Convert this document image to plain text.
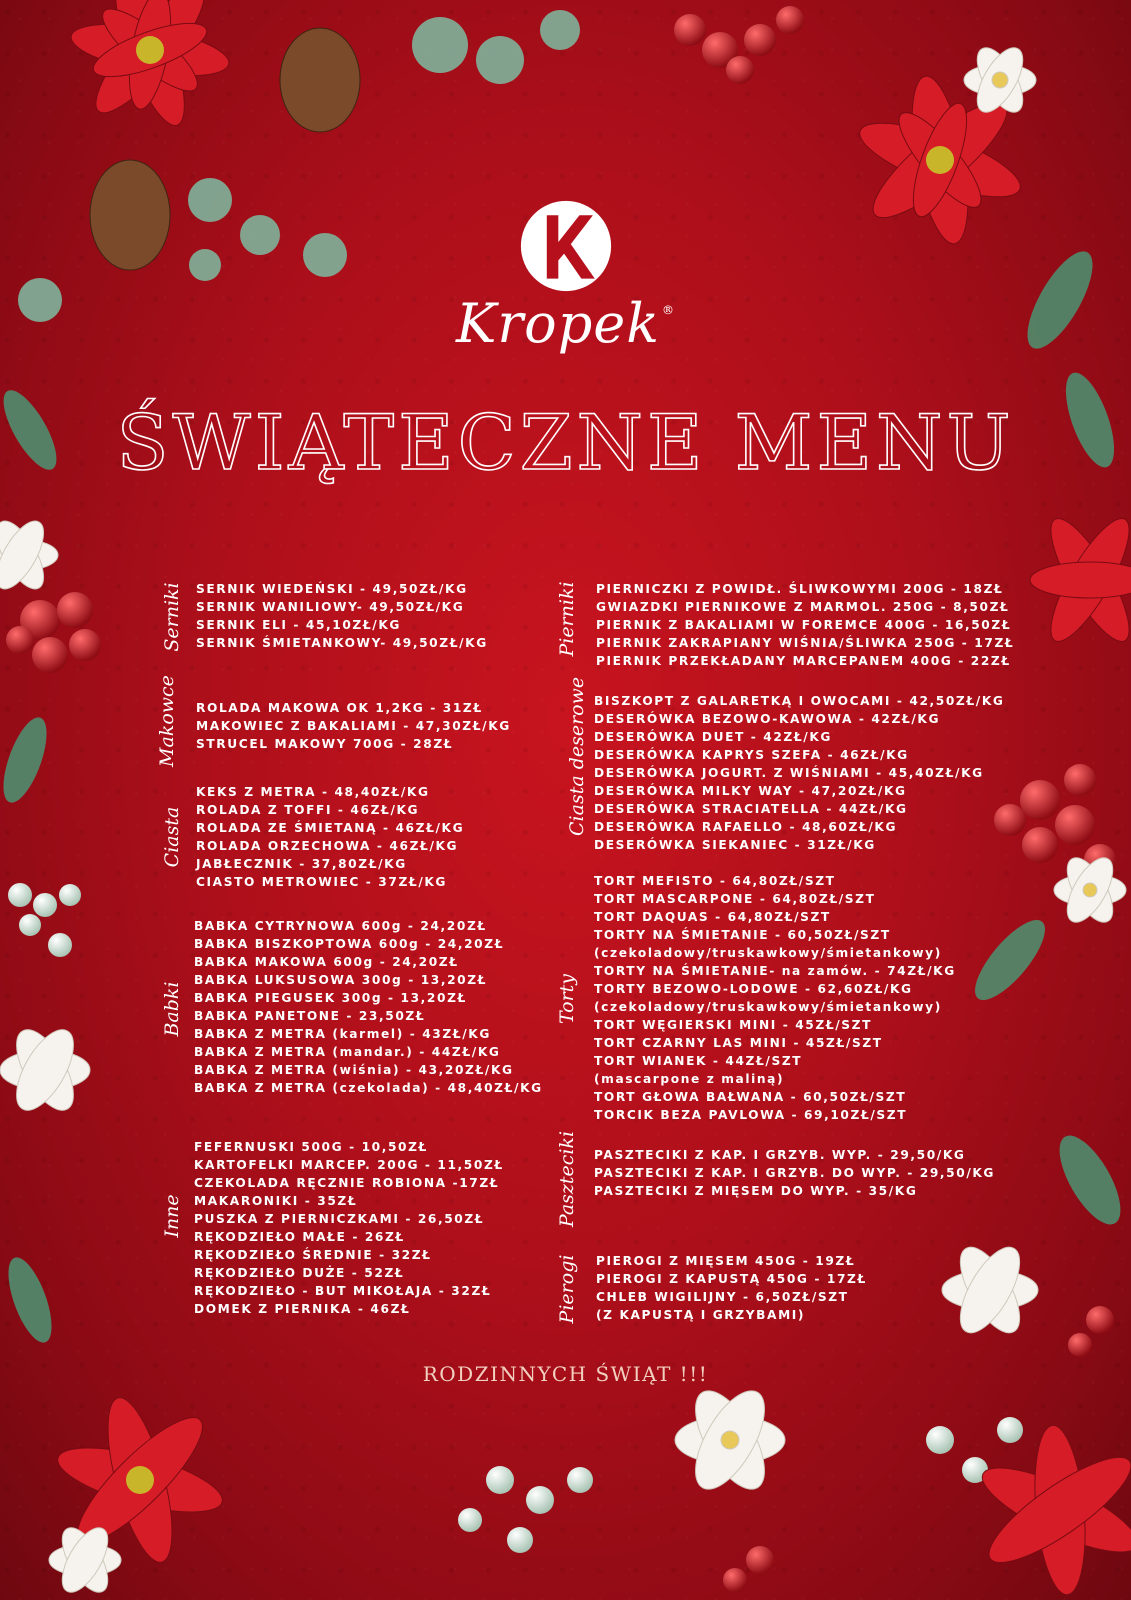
Kropek ®
ŚWIĄTECZNE MENU
Serniki SERNIK WIEDEŃSKI - 49,50ZŁ/KG
SERNIK WANILIOWY- 49,50ZŁ/KG
SERNIK ELI - 45,10ZŁ/KG
SERNIK ŚMIETANKOWY- 49,50ZŁ/KG
Makowce ROLADA MAKOWA OK 1,2KG - 31ZŁ
MAKOWIEC Z BAKALIAMI - 47,30ZŁ/KG
STRUCEL MAKOWY 700G - 28ZŁ
Ciasta
KEKS Z METRA - 48,40ZŁ/KG
ROLADA Z TOFFI - 46ZŁ/KG
ROLADA ZE ŚMIETANĄ - 46ZŁ/KG
ROLADA ORZECHOWA - 46ZŁ/KG
JABŁECZNIK - 37,80ZŁ/KG
CIASTO METROWIEC - 37ZŁ/KG
Babki
BABKA CYTRYNOWA 600g - 24,20ZŁ
BABKA BISZKOPTOWA 600g - 24,20ZŁ
BABKA MAKOWA 600g - 24,20ZŁ
BABKA LUKSUSOWA 300g - 13,20ZŁ
BABKA PIEGUSEK 300g - 13,20ZŁ
BABKA PANETONE - 23,50ZŁ
BABKA Z METRA (karmel) - 43ZŁ/KG
BABKA Z METRA (mandar.) - 44ZŁ/KG
BABKA Z METRA (wiśnia) - 43,20ZŁ/KG
BABKA Z METRA (czekolada) - 48,40ZŁ/KG
Inne
FEFERNUSKI 500G - 10,50ZŁ
KARTOFELKI MARCEP. 200G - 11,50ZŁ
CZEKOLADA RĘCZNIE ROBIONA -17ZŁ
MAKARONIKI - 35ZŁ
PUSZKA Z PIERNICZKAMI - 26,50ZŁ
RĘKODZIEŁO MAŁE - 26ZŁ
RĘKODZIEŁO ŚREDNIE - 32ZŁ
RĘKODZIEŁO DUŻE - 52ZŁ
RĘKODZIEŁO - BUT MIKOŁAJA - 32ZŁ
DOMEK Z PIERNIKA - 46ZŁ
Pierniki PIERNICZKI Z POWIDŁ. ŚLIWKOWYMI 200G - 18ZŁ
GWIAZDKI PIERNIKOWE Z MARMOL. 250G - 8,50ZŁ
PIERNIK Z BAKALIAMI W FOREMCE 400G - 16,50ZŁ
PIERNIK ZAKRAPIANY WIŚNIA/ŚLIWKA 250G - 17ZŁ
PIERNIK PRZEKŁADANY MARCEPANEM 400G - 22ZŁ
Ciasta deserowe BISZKOPT Z GALARETKĄ I OWOCAMI - 42,50ZŁ/KG
DESERÓWKA BEZOWO-KAWOWA - 42ZŁ/KG
DESERÓWKA DUET - 42ZŁ/KG
DESERÓWKA KAPRYS SZEFA - 46ZŁ/KG
DESERÓWKA JOGURT. Z WIŚNIAMI - 45,40ZŁ/KG
DESERÓWKA MILKY WAY - 47,20ZŁ/KG
DESERÓWKA STRACIATELLA - 44ZŁ/KG
DESERÓWKA RAFAELLO - 48,60ZŁ/KG
DESERÓWKA SIEKANIEC - 31ZŁ/KG
Torty
TORT MEFISTO - 64,80ZŁ/SZT
TORT MASCARPONE - 64,80ZŁ/SZT
TORT DAQUAS - 64,80ZŁ/SZT
TORTY NA ŚMIETANIE - 60,50ZŁ/SZT
(czekoladowy/truskawkowy/śmietankowy)
TORTY NA ŚMIETANIE- na zamów. - 74ZŁ/KG
TORTY BEZOWO-LODOWE - 62,60ZŁ/KG
(czekoladowy/truskawkowy/śmietankowy)
TORT WĘGIERSKI MINI - 45ZŁ/SZT
TORT CZARNY LAS MINI - 45ZŁ/SZT
TORT WIANEK - 44ZŁ/SZT
(mascarpone z maliną)
TORT GŁOWA BAŁWANA - 60,50ZŁ/SZT
TORCIK BEZA PAVLOWA - 69,10ZŁ/SZT
Paszteciki PASZTECIKI Z KAP. I GRZYB. WYP. - 29,50/KG
PASZTECIKI Z KAP. I GRZYB. DO WYP. - 29,50/KG
PASZTECIKI Z MIĘSEM DO WYP. - 35/KG
Pierogi PIEROGI Z MIĘSEM 450G - 19ZŁ
PIEROGI Z KAPUSTĄ 450G - 17ZŁ
CHLEB WIGILIJNY - 6,50ZŁ/SZT
(Z KAPUSTĄ I GRZYBAMI)
RODZINNYCH ŚWIĄT !!!
